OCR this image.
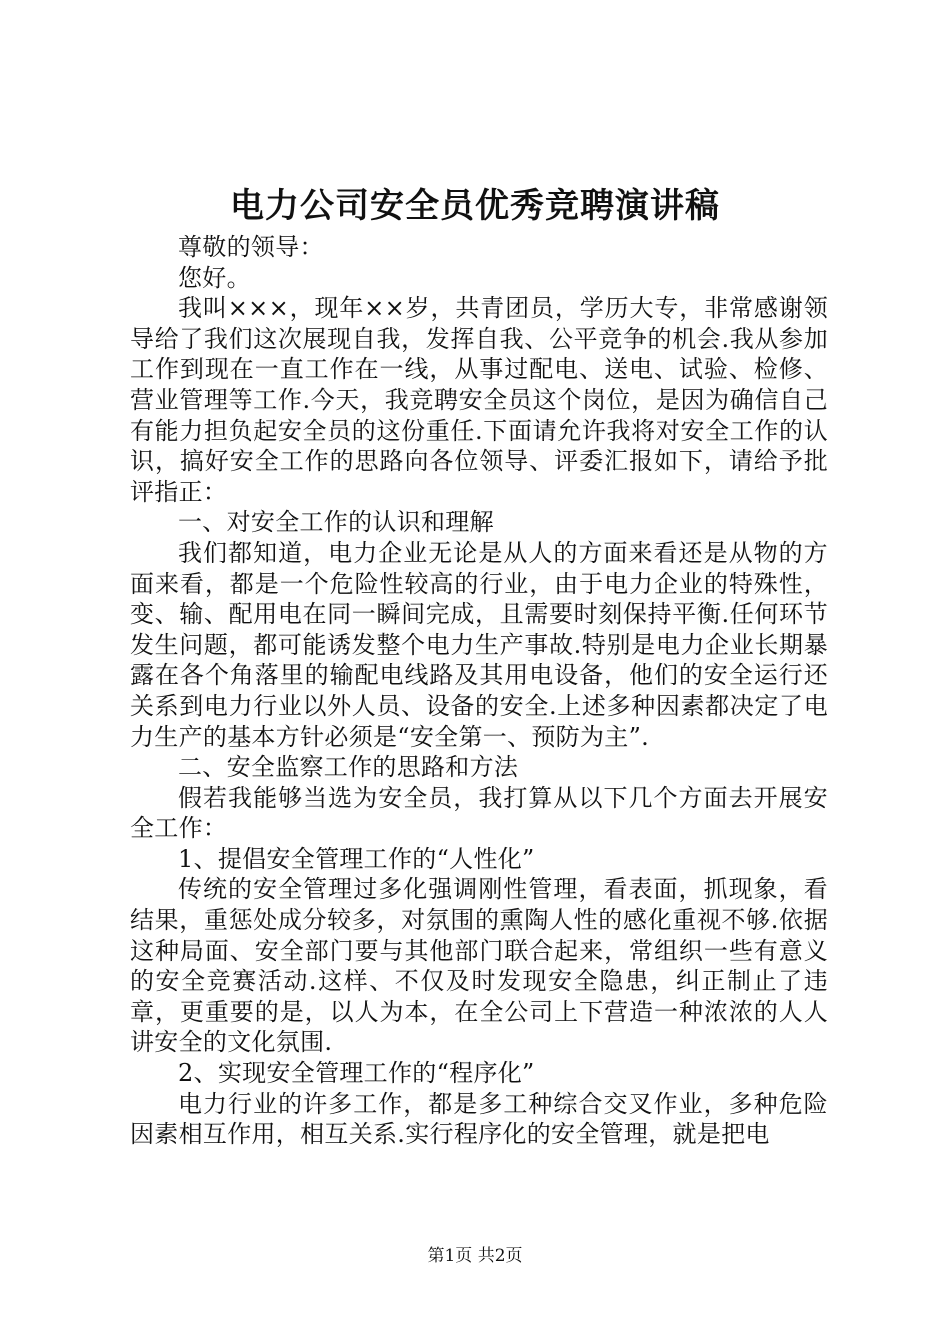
电力公司安全员优秀竞聘演讲稿

尊敬的领导：

您好。

我叫×××，现年××岁，共青团员，学历大专，非常感谢领导给了我们这次展现自我，发挥自我、公平竞争的机会.我从参加工作到现在一直工作在一线，从事过配电、送电、试验、检修、营业管理等工作.今天，我竞聘安全员这个岗位，是因为确信自己有能力担负起安全员的这份重任.下面请允许我将对安全工作的认识，搞好安全工作的思路向各位领导、评委汇报如下，请给予批评指正：

一、对安全工作的认识和理解

我们都知道，电力企业无论是从人的方面来看还是从物的方面来看，都是一个危险性较高的行业，由于电力企业的特殊性，变、输、配用电在同一瞬间完成，且需要时刻保持平衡.任何环节发生问题，都可能诱发整个电力生产事故.特别是电力企业长期暴露在各个角落里的输配电线路及其用电设备，他们的安全运行还关系到电力行业以外人员、设备的安全.上述多种因素都决定了电力生产的基本方针必须是“安全第一、预防为主”.

二、安全监察工作的思路和方法

假若我能够当选为安全员，我打算从以下几个方面去开展安全工作：

1、提倡安全管理工作的“人性化”

传统的安全管理过多化强调刚性管理，看表面，抓现象，看结果，重惩处成分较多，对氛围的熏陶人性的感化重视不够.依据这种局面、安全部门要与其他部门联合起来，常组织一些有意义的安全竞赛活动.这样、不仅及时发现安全隐患，纠正制止了违章，更重要的是，以人为本，在全公司上下营造一种浓浓的人人讲安全的文化氛围.

2、实现安全管理工作的“程序化”

电力行业的许多工作，都是多工种综合交叉作业，多种危险因素相互作用，相互关系.实行程序化的安全管理，就是把电

第1页 共2页
